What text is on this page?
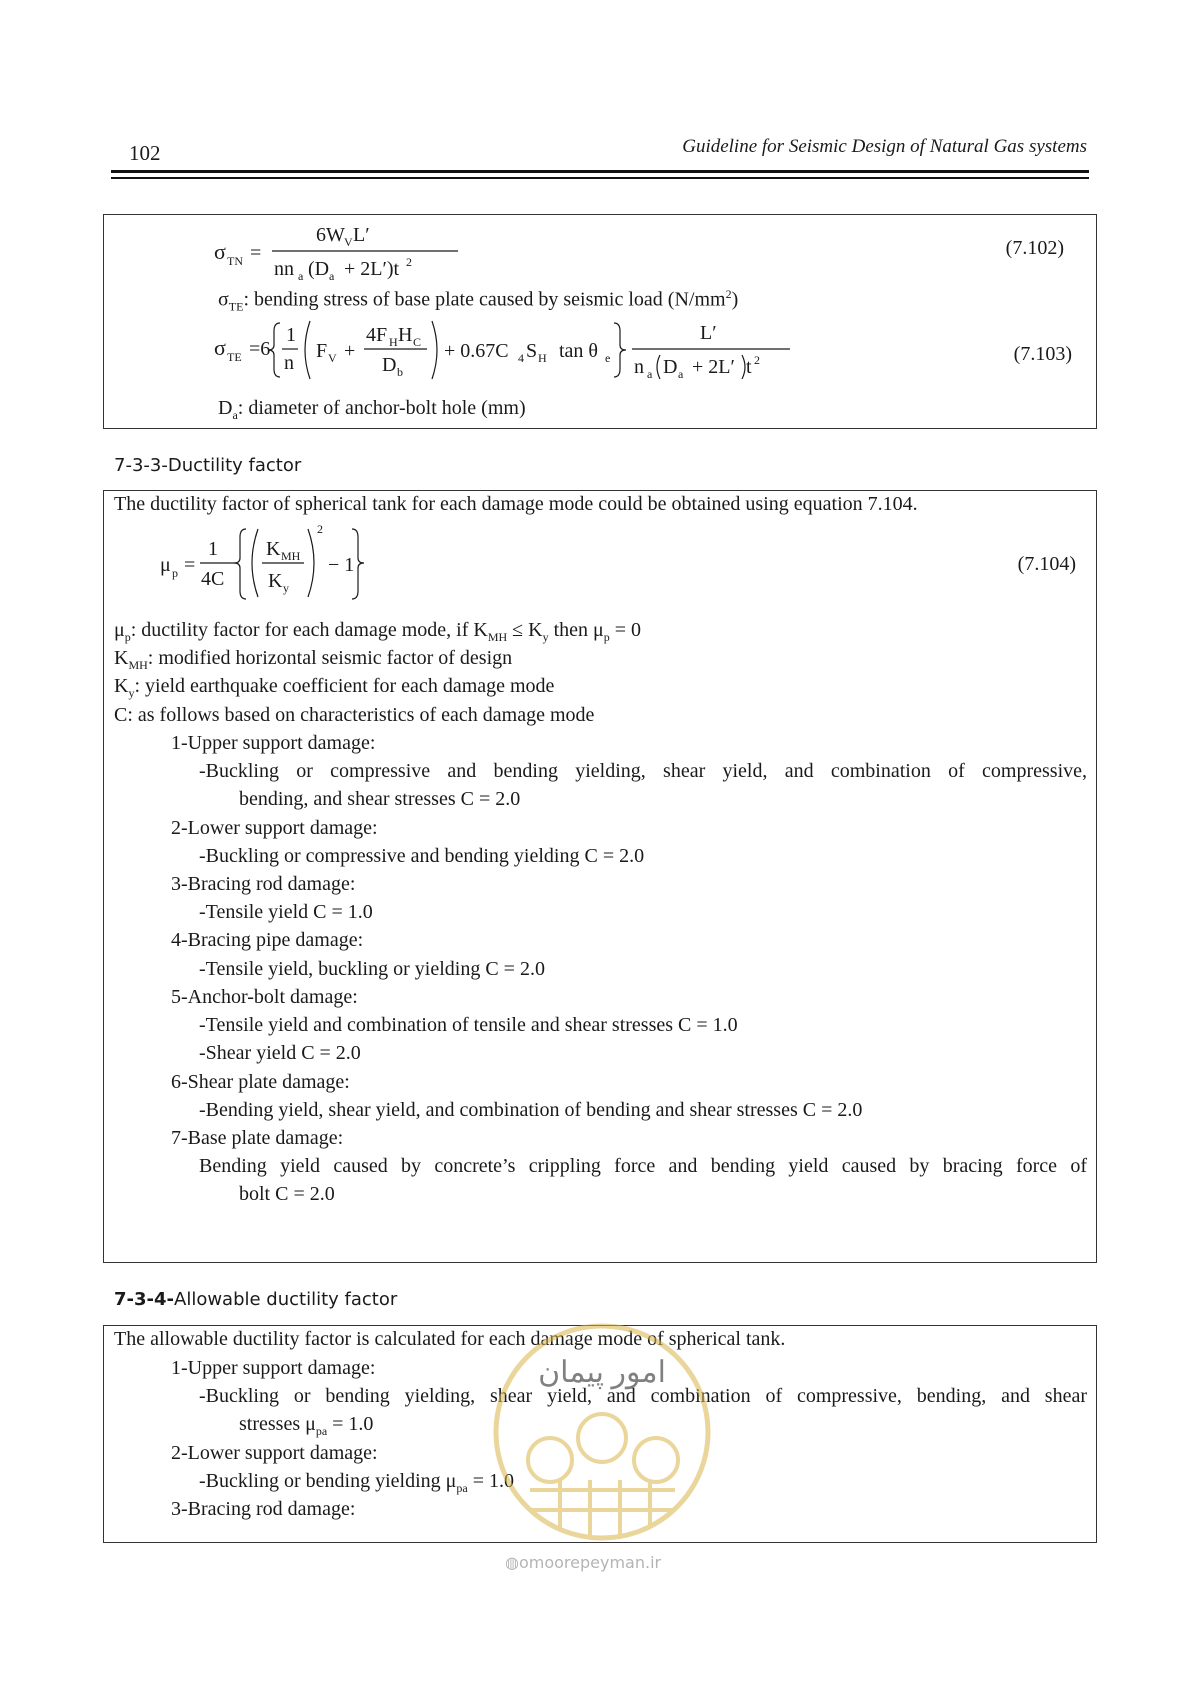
102	Guideline for Seismic Design of Natural Gas systems
σ TN =
6W V L′
nn a (D a + 2L′)t 2
(7.102)
$\sigma_{TE}$: bending stress of base plate caused by seismic load $(N/mm^2)$
σ TE =6
1
n
F V +
4F H H C
D b
+ 0.67C 4 S H tan θ e
L′
n a D a + 2L′ t 2	(7.103)
$D_a$: diameter of anchor-bolt hole (mm)
7-3-3-Ductility factor
The ductility factor of spherical tank for each damage mode could be obtained using equation 7.104.
μ p =
1
4C
K MH
K y
2
− 1	(7.104)
$\mu_p$: ductility factor for each damage mode, if $K_{MH} \le K_y$ then $\mu_p = 0$
$K_{MH}$: modified horizontal seismic factor of design
$K_y$: yield earthquake coefficient for each damage mode
C: as follows based on characteristics of each damage mode
1-Upper support damage:
-Buckling or compressive and bending yielding, shear yield, and combination of compressive,
bending, and shear stresses C = 2.0
2-Lower support damage:
-Buckling or compressive and bending yielding C = 2.0
3-Bracing rod damage:
-Tensile yield C = 1.0
4-Bracing pipe damage:
-Tensile yield, buckling or yielding C = 2.0
5-Anchor-bolt damage:
-Tensile yield and combination of tensile and shear stresses C = 1.0
-Shear yield C = 2.0
6-Shear plate damage:
-Bending yield, shear yield, and combination of bending and shear stresses C = 2.0
7-Base plate damage:
Bending yield caused by concrete’s crippling force and bending yield caused by bracing force of
bolt C = 2.0
7-3-4-Allowable ductility factor
The allowable ductility factor is calculated for each damage mode of spherical tank.
1-Upper support damage:
-Buckling or bending yielding, shear yield, and combination of compressive, bending, and shear
stresses $\mu_{pa} = 1.0$
2-Lower support damage:
-Buckling or bending yielding $\mu_{pa} = 1.0$
3-Bracing rod damage:
امور پیمان
◍omoorepeyman.ir
